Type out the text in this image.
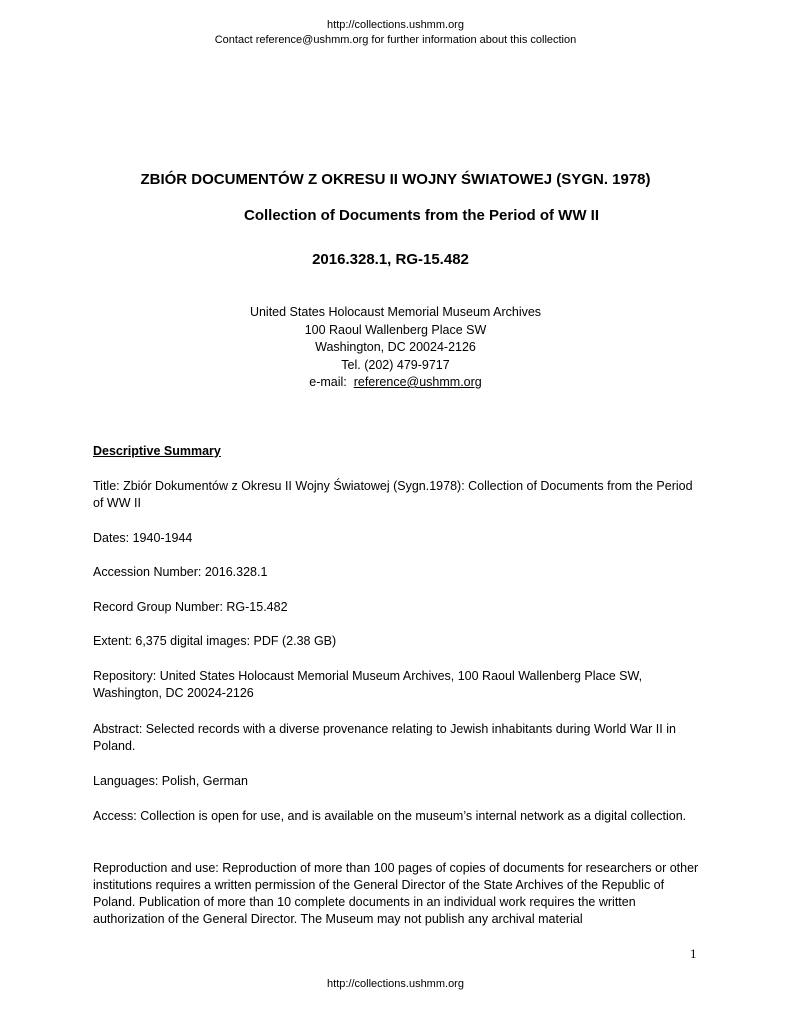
http://collections.ushmm.org
Contact reference@ushmm.org for further information about this collection
ZBIÓR DOCUMENTÓW Z OKRESU II WOJNY ŚWIATOWEJ (SYGN. 1978)
Collection of Documents from the Period of WW II
2016.328.1, RG-15.482
United States Holocaust Memorial Museum Archives
100 Raoul Wallenberg Place SW
Washington, DC 20024-2126
Tel. (202) 479-9717
e-mail:  reference@ushmm.org
Descriptive Summary

Title: Zbiór Dokumentów z Okresu II Wojny Światowej (Sygn.1978): Collection of Documents from the Period of WW II

Dates: 1940-1944

Accession Number: 2016.328.1

Record Group Number: RG-15.482

Extent: 6,375 digital images: PDF (2.38 GB)

Repository: United States Holocaust Memorial Museum Archives, 100 Raoul Wallenberg Place SW, Washington, DC 20024-2126

Abstract: Selected records with a diverse provenance relating to Jewish inhabitants during World War II in Poland.

Languages: Polish, German

Access: Collection is open for use, and is available on the museum’s internal network as a digital collection.

Reproduction and use: Reproduction of more than 100 pages of copies of documents for researchers or other institutions requires a written permission of the General Director of the State Archives of the Republic of Poland. Publication of more than 10 complete documents in an individual work requires the written authorization of the General Director. The Museum may not publish any archival material

1
http://collections.ushmm.org
